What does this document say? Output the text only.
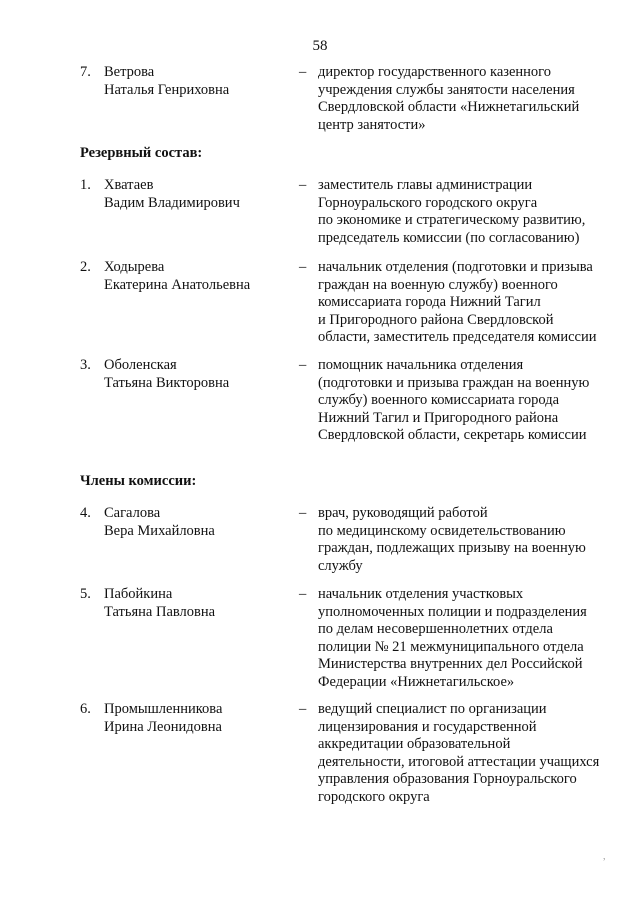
58
7. Ветрова
Наталья Генриховна
– директор государственного казенного
учреждения службы занятости населения
Свердловской области «Нижнетагильский
центр занятости»
Резервный состав:
1. Хватаев
Вадим Владимирович
– заместитель главы администрации
Горноуральского городского округа
по экономике и стратегическому развитию,
председатель комиссии (по согласованию)
2. Ходырева
Екатерина Анатольевна
– начальник отделения (подготовки и призыва
граждан на военную службу) военного
комиссариата города Нижний Тагил
и Пригородного района Свердловской
области, заместитель председателя комиссии
3. Оболенская
Татьяна Викторовна
– помощник начальника отделения
(подготовки и призыва граждан на военную
службу) военного комиссариата города
Нижний Тагил и Пригородного района
Свердловской области, секретарь комиссии
Члены комиссии:
4. Сагалова
Вера Михайловна
– врач, руководящий работой
по медицинскому освидетельствованию
граждан, подлежащих призыву на военную
службу
5. Пабойкина
Татьяна Павловна
– начальник отделения участковых
уполномоченных полиции и подразделения
по делам несовершеннолетних отдела
полиции № 21 межмуниципального отдела
Министерства внутренних дел Российской
Федерации «Нижнетагильское»
6. Промышленникова
Ирина Леонидовна
– ведущий специалист по организации
лицензирования и государственной
аккредитации образовательной
деятельности, итоговой аттестации учащихся
управления образования Горноуральского
городского округа
,
